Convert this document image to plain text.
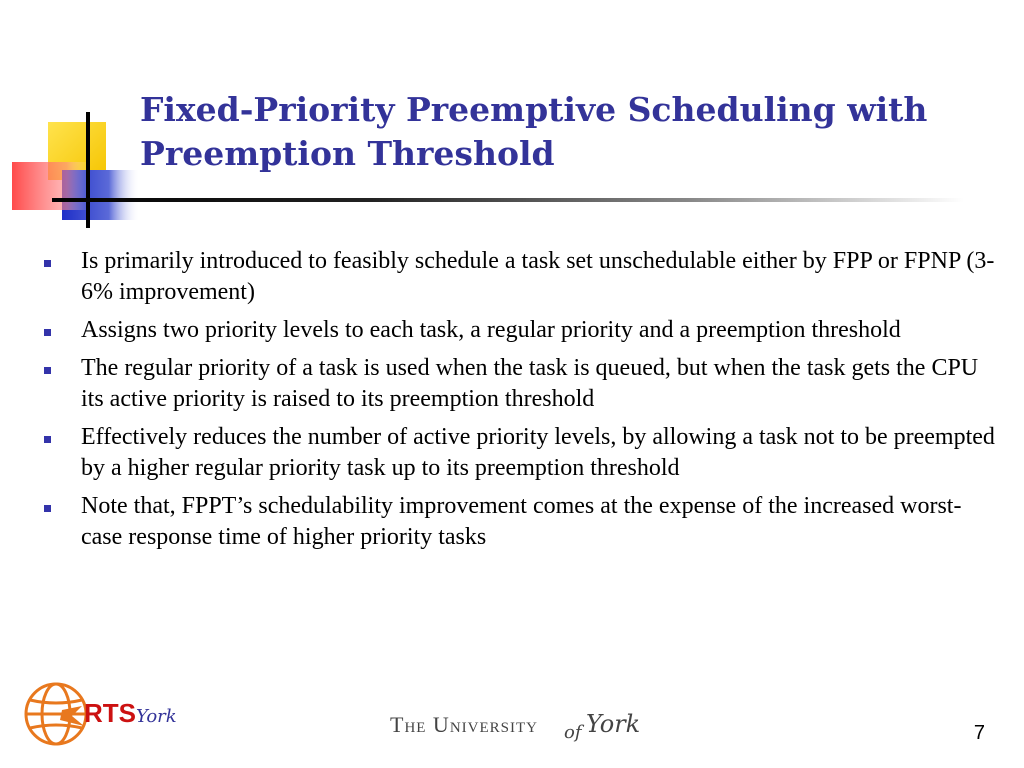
Fixed-Priority Preemptive Scheduling with Preemption Threshold
Is primarily introduced to feasibly schedule a task set unschedulable either by FPP or FPNP (3-6% improvement)
Assigns two priority levels to each task, a regular priority and a preemption threshold
The regular priority of a task is used when the task is queued, but when the task gets the CPU its active priority is raised to its preemption threshold
Effectively reduces the number of active priority levels, by allowing a task not to be preempted by a higher regular priority task up to its preemption threshold
Note that, FPPT’s schedulability improvement comes at the expense of the increased worst-case response time of higher priority tasks
RTS York	The University of York	7
